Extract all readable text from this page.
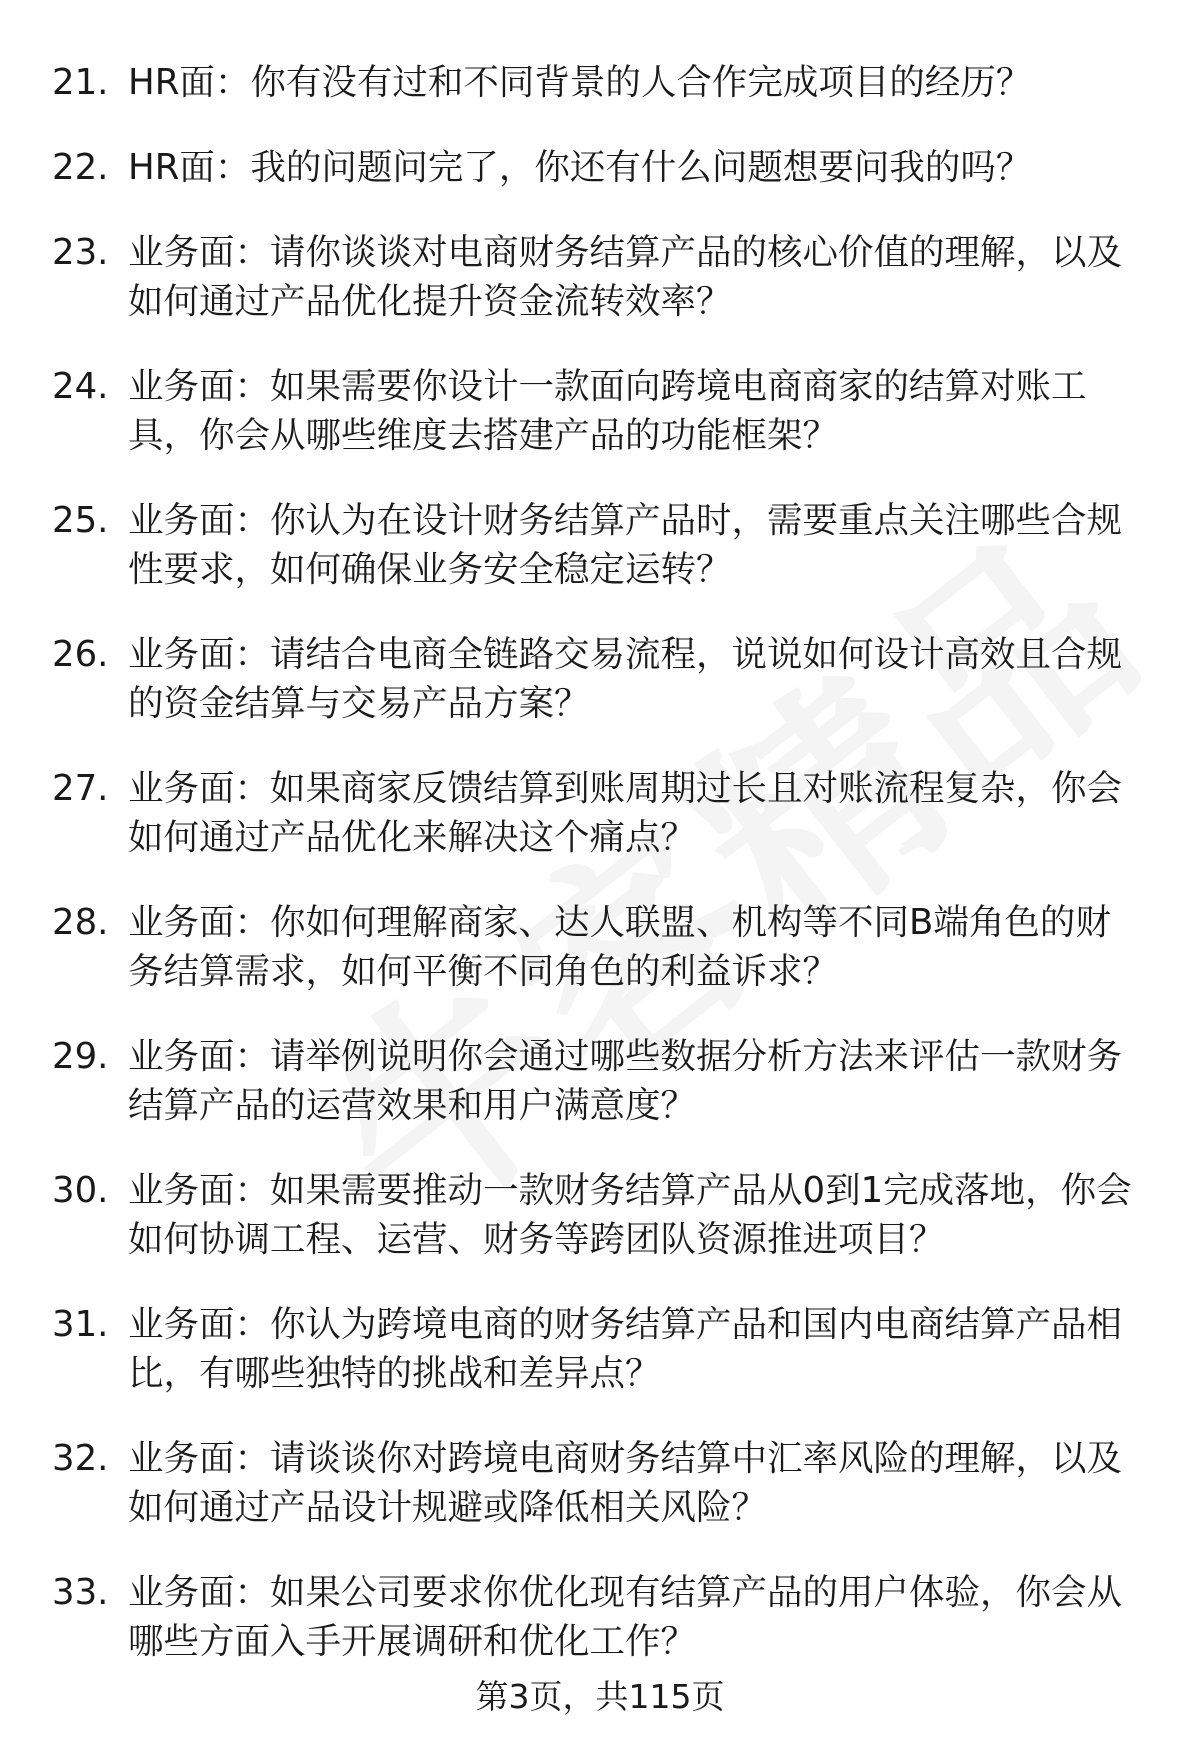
21. HR面：你有没有过和不同背景的人合作完成项目的经历？
22. HR面：我的问题问完了，你还有什么问题想要问我的吗？
23. 业务面：请你谈谈对电商财务结算产品的核心价值的理解，以及如何通过产品优化提升资金流转效率？
24. 业务面：如果需要你设计一款面向跨境电商商家的结算对账工具，你会从哪些维度去搭建产品的功能框架？
25. 业务面：你认为在设计财务结算产品时，需要重点关注哪些合规性要求，如何确保业务安全稳定运转？
26. 业务面：请结合电商全链路交易流程，说说如何设计高效且合规的资金结算与交易产品方案？
27. 业务面：如果商家反馈结算到账周期过长且对账流程复杂，你会如何通过产品优化来解决这个痛点？
28. 业务面：你如何理解商家、达人联盟、机构等不同B端角色的财务结算需求，如何平衡不同角色的利益诉求？
29. 业务面：请举例说明你会通过哪些数据分析方法来评估一款财务结算产品的运营效果和用户满意度？
30. 业务面：如果需要推动一款财务结算产品从0到1完成落地，你会如何协调工程、运营、财务等跨团队资源推进项目？
31. 业务面：你认为跨境电商的财务结算产品和国内电商结算产品相比，有哪些独特的挑战和差异点？
32. 业务面：请谈谈你对跨境电商财务结算中汇率风险的理解，以及如何通过产品设计规避或降低相关风险？
33. 业务面：如果公司要求你优化现有结算产品的用户体验，你会从哪些方面入手开展调研和优化工作？
第3页，共115页
